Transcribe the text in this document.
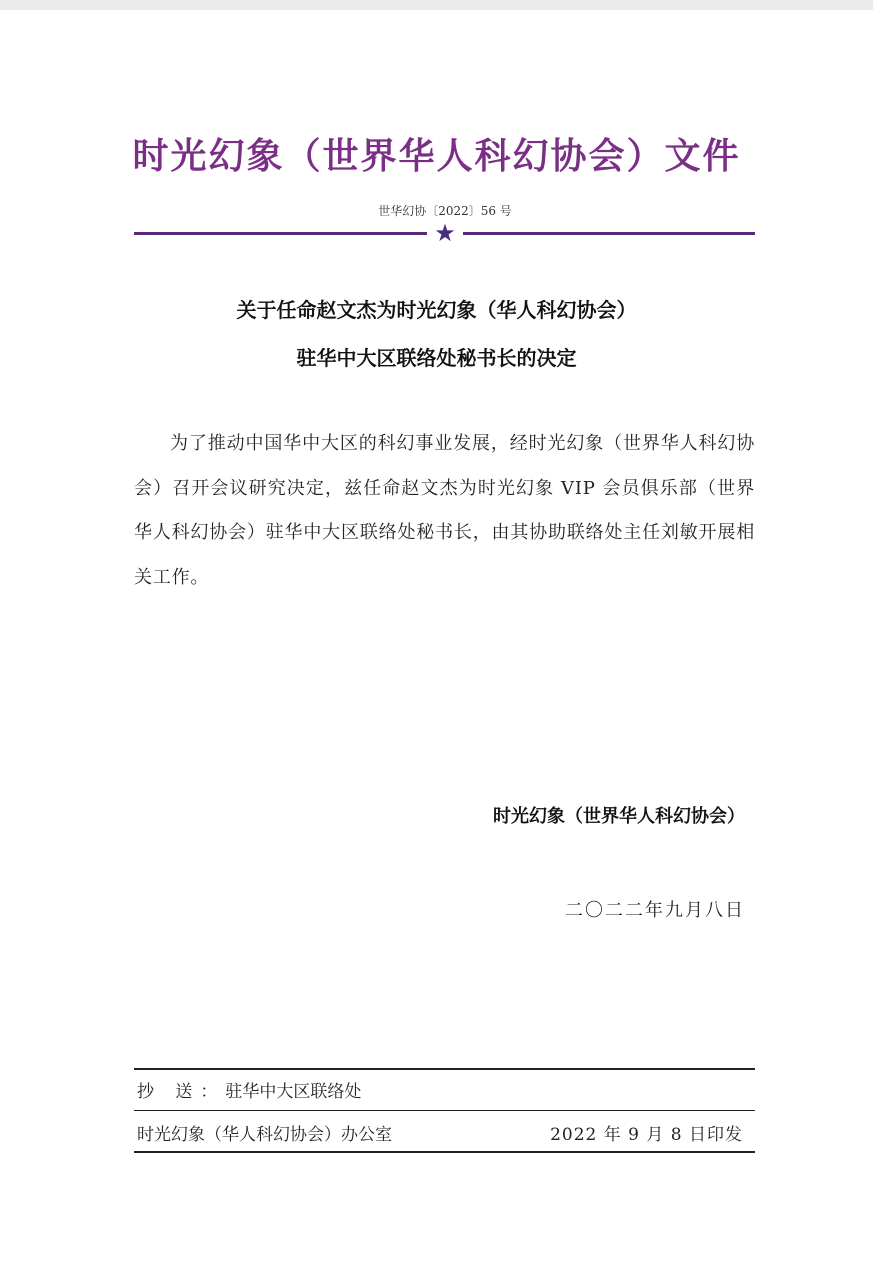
时光幻象（世界华人科幻协会）文件
世华幻协〔2022〕56 号
★
关于任命赵文杰为时光幻象（华人科幻协会）
驻华中大区联络处秘书长的决定
为了推动中国华中大区的科幻事业发展，经时光幻象（世界华人科幻协会）召开会议研究决定，兹任命赵文杰为时光幻象 VIP 会员俱乐部（世界华人科幻协会）驻华中大区联络处秘书长，由其协助联络处主任刘敏开展相关工作。
时光幻象（世界华人科幻协会）
二〇二二年九月八日
抄 送：驻华中大区联络处
时光幻象（华人科幻协会）办公室	2022 年 9 月 8 日印发
